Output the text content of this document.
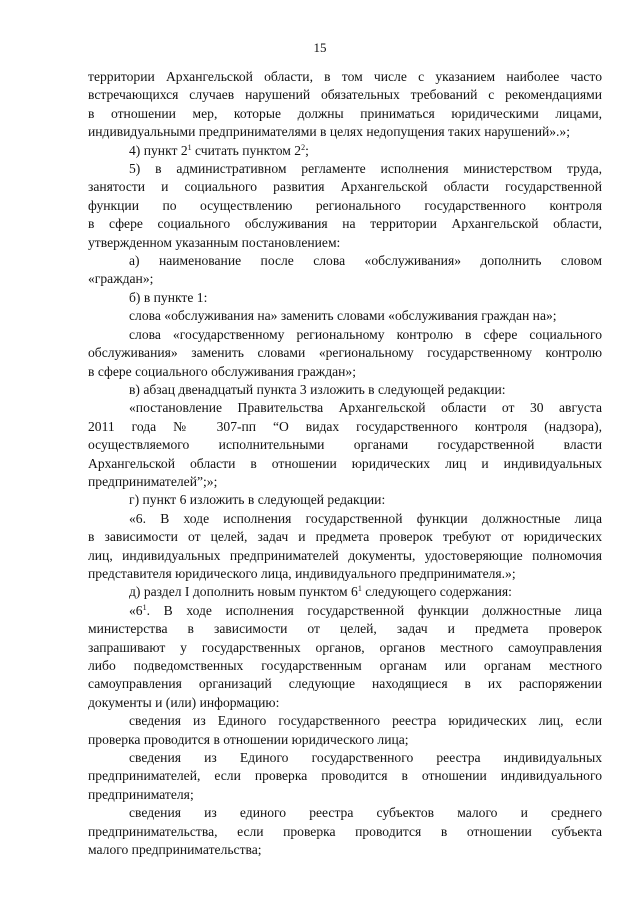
15
территории Архангельской области, в том числе с указанием наиболее часто
встречающихся случаев нарушений обязательных требований с рекомендациями
в отношении мер, которые должны приниматься юридическими лицами,
индивидуальными предпринимателями в целях недопущения таких нарушений».»;
4) пункт $2^1$ считать пунктом $2^2$;
5) в административном регламенте исполнения министерством труда,
занятости и социального развития Архангельской области государственной
функции по осуществлению регионального государственного контроля
в сфере социального обслуживания на территории Архангельской области,
утвержденном указанным постановлением:
а) наименование после слова «обслуживания» дополнить словом
«граждан»;
б) в пункте 1:
слова «обслуживания на» заменить словами «обслуживания граждан на»;
слова «государственному региональному контролю в сфере социального
обслуживания» заменить словами «региональному государственному контролю
в сфере социального обслуживания граждан»;
в) абзац двенадцатый пункта 3 изложить в следующей редакции:
«постановление Правительства Архангельской области от 30 августа
2011 года № 307-пп “О видах государственного контроля (надзора),
осуществляемого исполнительными органами государственной власти
Архангельской области в отношении юридических лиц и индивидуальных
предпринимателей”;»;
г) пункт 6 изложить в следующей редакции:
«6. В ходе исполнения государственной функции должностные лица
в зависимости от целей, задач и предмета проверок требуют от юридических
лиц, индивидуальных предпринимателей документы, удостоверяющие полномочия
представителя юридического лица, индивидуального предпринимателя.»;
д) раздел I дополнить новым пунктом $6^1$ следующего содержания:
«$6^1$. В ходе исполнения государственной функции должностные лица
министерства в зависимости от целей, задач и предмета проверок
запрашивают у государственных органов, органов местного самоуправления
либо подведомственных государственным органам или органам местного
самоуправления организаций следующие находящиеся в их распоряжении
документы и (или) информацию:
сведения из Единого государственного реестра юридических лиц, если
проверка проводится в отношении юридического лица;
сведения из Единого государственного реестра индивидуальных
предпринимателей, если проверка проводится в отношении индивидуального
предпринимателя;
сведения из единого реестра субъектов малого и среднего
предпринимательства, если проверка проводится в отношении субъекта
малого предпринимательства;
